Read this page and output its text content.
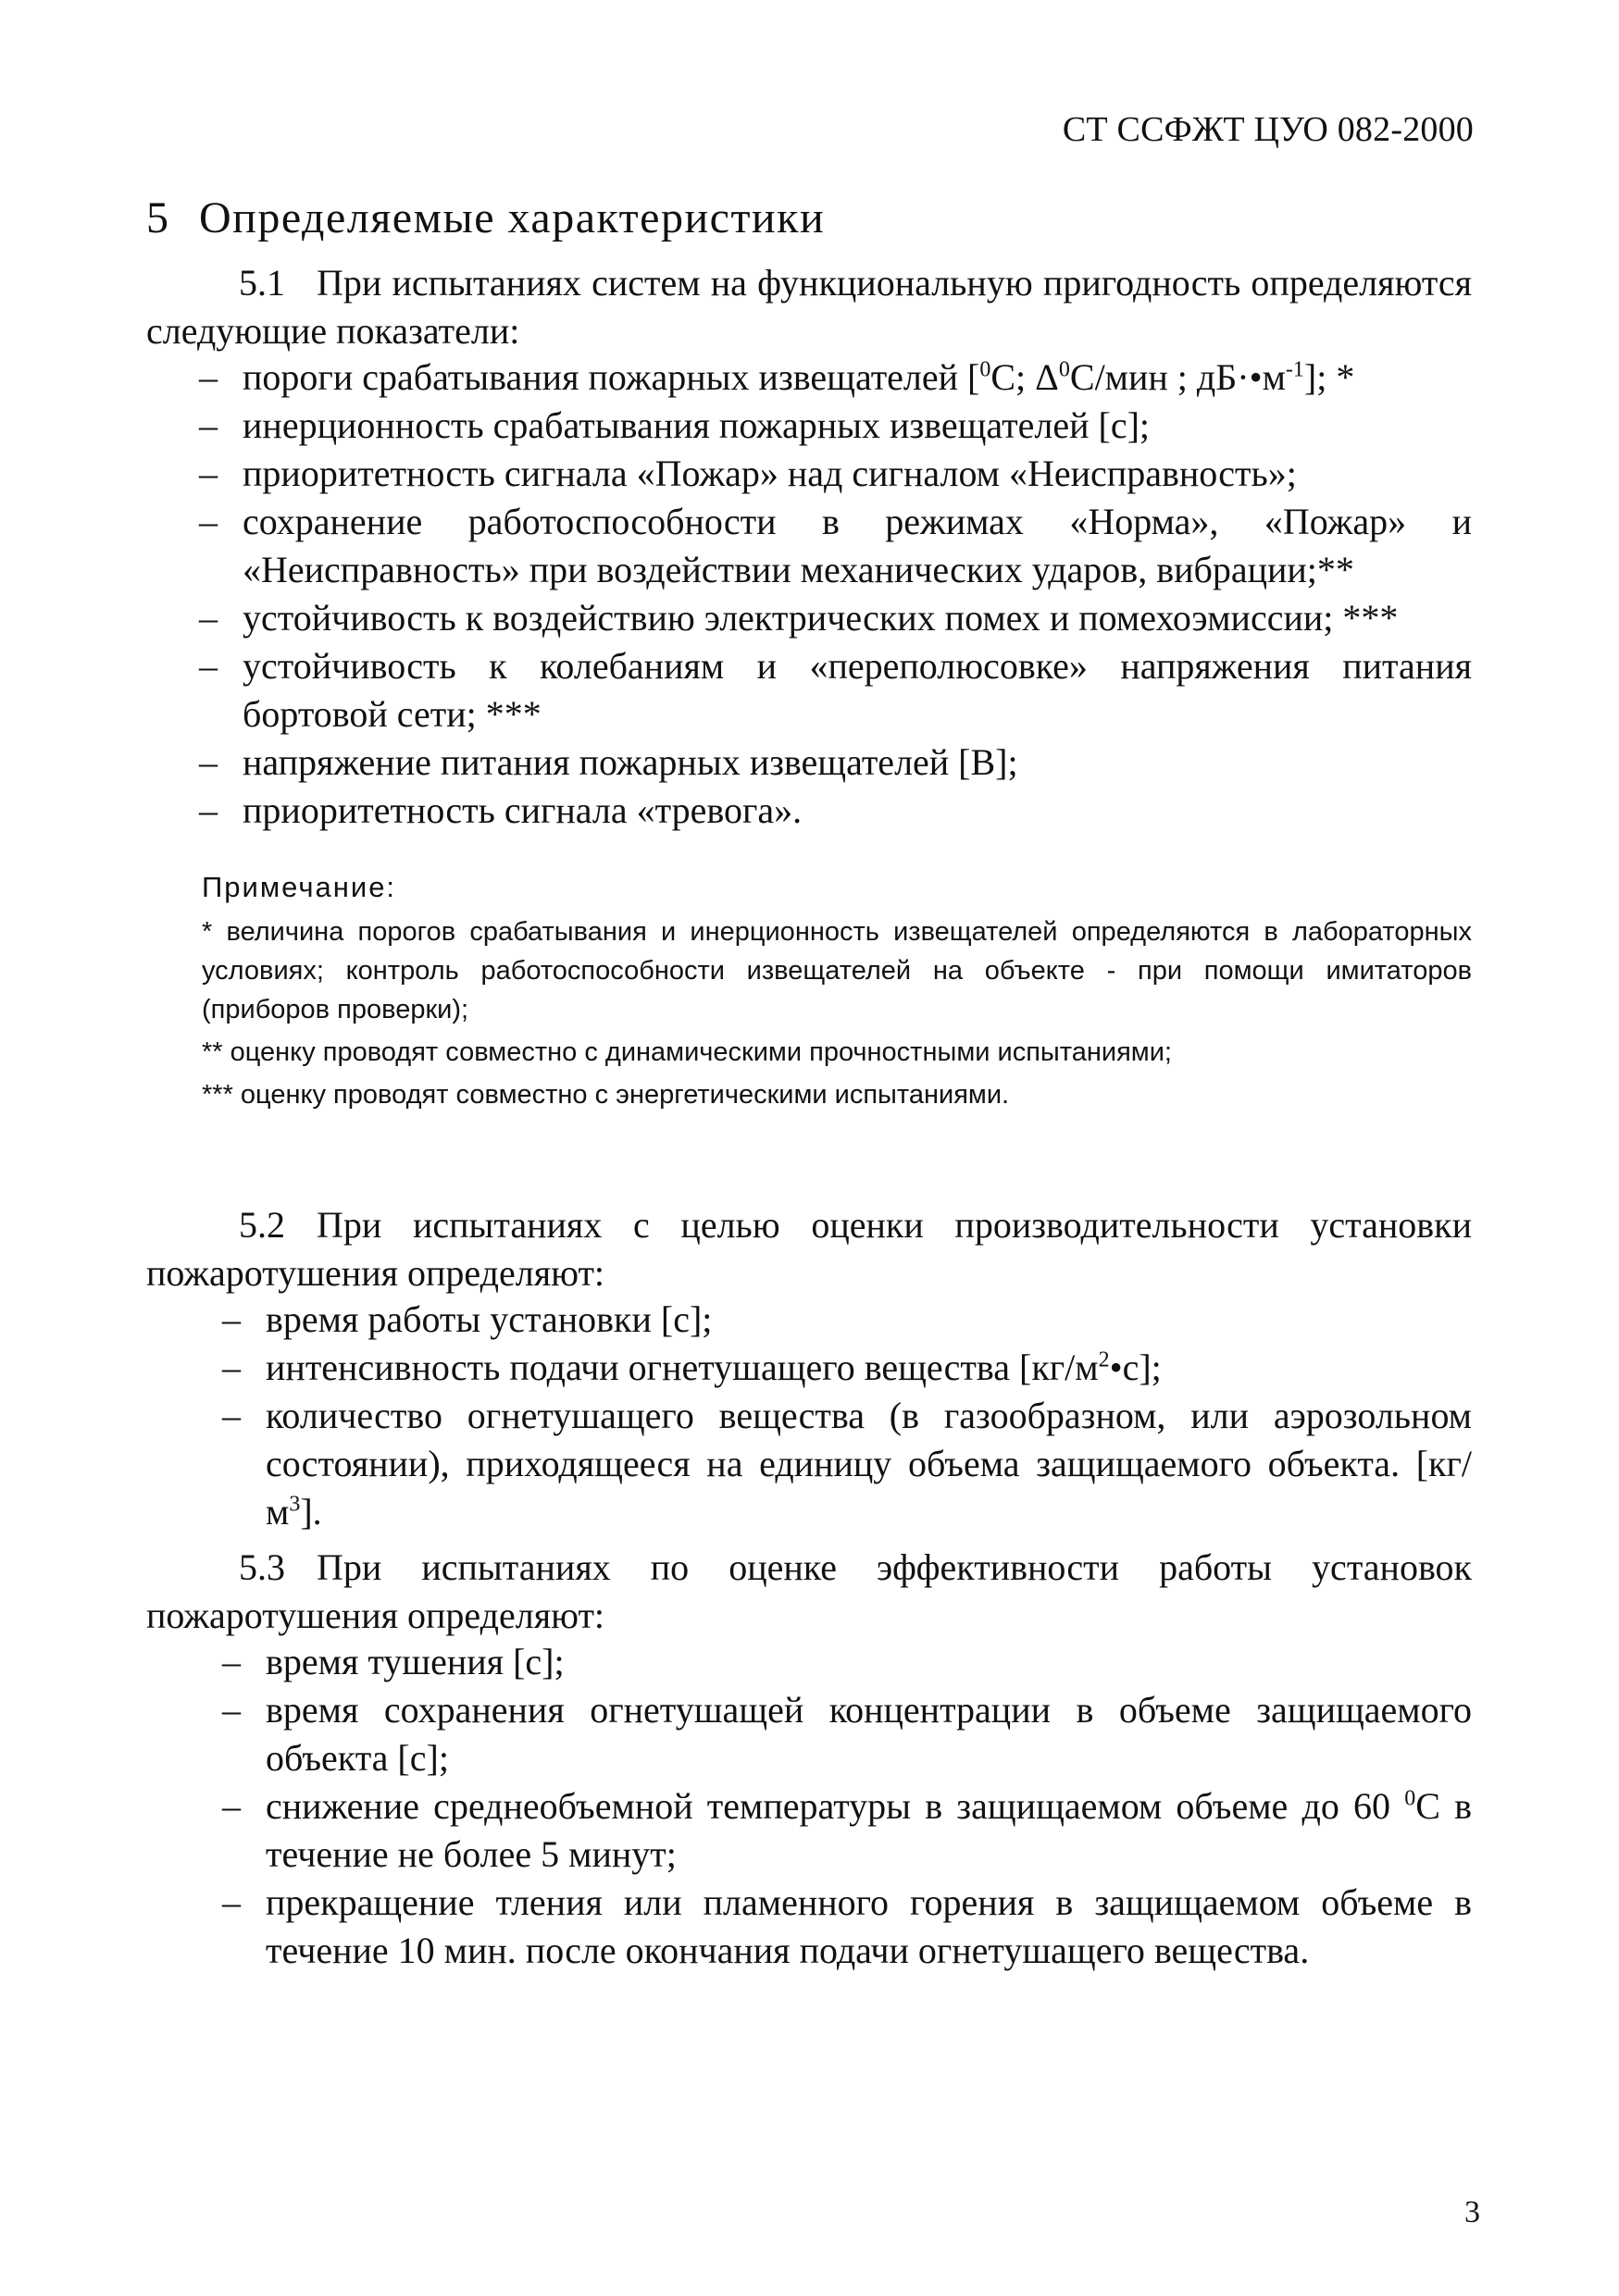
СТ ССФЖТ ЦУО 082-2000
5 Определяемые характеристики
5.1 При испытаниях систем на функциональную пригодность определяются следующие показатели:
– пороги срабатывания пожарных извещателей [$^0$С; $\Delta^0С$/мин ; $дБ\cdot•м^{-1}$]; *
– инерционность срабатывания пожарных извещателей [с];
– приоритетность сигнала «Пожар» над сигналом «Неисправность»;
– сохранение работоспособности в режимах «Норма», «Пожар» и «Неисправность» при воздействии механических ударов, вибрации;**
– устойчивость к воздействию электрических помех и помехоэмиссии; ***
– устойчивость к колебаниям и «переполюсовке» напряжения питания бортовой сети; ***
– напряжение питания пожарных извещателей [В];
– приоритетность сигнала «тревога».
Примечание:
* величина порогов срабатывания и инерционность извещателей определяются в лабораторных условиях; контроль работоспособности извещателей на объекте - при помощи имитаторов (приборов проверки);
** оценку проводят совместно с динамическими прочностными испытаниями;
*** оценку проводят совместно с энергетическими испытаниями.
5.2 При испытаниях с целью оценки производительности установки пожаротушения определяют:
– время работы установки [с];
– интенсивность подачи огнетушащего вещества $[кг/м^2•с]$;
– количество огнетушащего вещества (в газообразном, или аэрозольном состоянии), приходящееся на единицу объема защищаемого объекта. $[кг/м^3]$.
5.3 При испытаниях по оценке эффективности работы установок пожаротушения определяют:
– время тушения [с];
– время сохранения огнетушащей концентрации в объеме защищаемого объекта [с];
– снижение среднеобъемной температуры в защищаемом объеме до 60 $^0$С в течение не более 5 минут;
– прекращение тления или пламенного горения в защищаемом объеме в течение 10 мин. после окончания подачи огнетушащего вещества.
3
